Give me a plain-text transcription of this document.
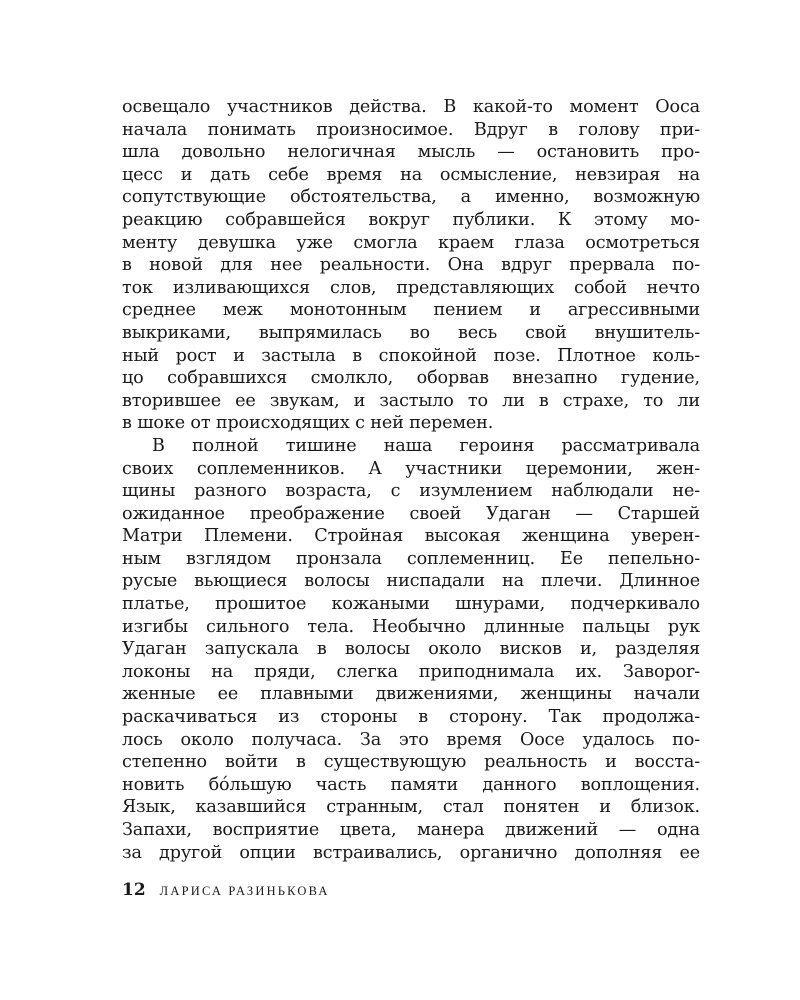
освещало участников действа. В какой-то момент Ооса
начала понимать произносимое. Вдруг в голову при-
шла довольно нелогичная мысль — остановить про-
цесс и дать себе время на осмысление, невзирая на
сопутствующие обстоятельства, а именно, возможную
реакцию собравшейся вокруг публики. К этому мо-
менту девушка уже смогла краем глаза осмотреться
в новой для нее реальности. Она вдруг прервала по-
ток изливающихся слов, представляющих собой нечто
среднее меж монотонным пением и агрессивными
выкриками, выпрямилась во весь свой внушитель-
ный рост и застыла в спокойной позе. Плотное коль-
цо собравшихся смолкло, оборвав внезапно гудение,
вторившее ее звукам, и застыло то ли в страхе, то ли
в шоке от происходящих с ней перемен.
В полной тишине наша героиня рассматривала
своих соплеменников. А участники церемонии, жен-
щины разного возраста, с изумлением наблюдали не-
ожиданное преображение своей Удаган — Старшей
Матри Племени. Стройная высокая женщина уверен-
ным взглядом пронзала соплеменниц. Ее пепельно-
русые вьющиеся волосы ниспадали на плечи. Длинное
платье, прошитое кожаными шнурами, подчеркивало
изгибы сильного тела. Необычно длинные пальцы рук
Удаган запускала в волосы около висков и, разделяя
локоны на пряди, слегка приподнимала их. Завороr-
женные ее плавными движениями, женщины начали
раскачиваться из стороны в сторону. Так продолжа-
лось около получаса. За это время Оосе удалось по-
степенно войти в существующую реальность и восста-
новить бóльшую часть памяти данного воплощения.
Язык, казавшийся странным, стал понятен и близок.
Запахи, восприятие цвета, манера движений — одна
за другой опции встраивались, органично дополняя ее
12 ЛАРИСА РАЗИНЬКОВА
